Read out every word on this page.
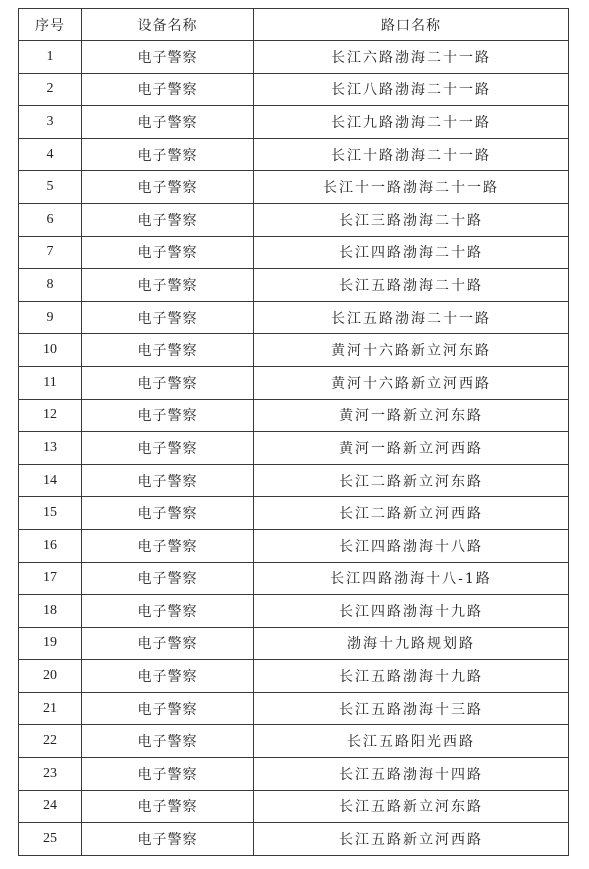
序号	设备名称	路口名称
1	电子警察	长江六路渤海二十一路
2	电子警察	长江八路渤海二十一路
3	电子警察	长江九路渤海二十一路
4	电子警察	长江十路渤海二十一路
5	电子警察	长江十一路渤海二十一路
6	电子警察	长江三路渤海二十路
7	电子警察	长江四路渤海二十路
8	电子警察	长江五路渤海二十路
9	电子警察	长江五路渤海二十一路
10	电子警察	黄河十六路新立河东路
11	电子警察	黄河十六路新立河西路
12	电子警察	黄河一路新立河东路
13	电子警察	黄河一路新立河西路
14	电子警察	长江二路新立河东路
15	电子警察	长江二路新立河西路
16	电子警察	长江四路渤海十八路
17	电子警察	长江四路渤海十八-1路
18	电子警察	长江四路渤海十九路
19	电子警察	渤海十九路规划路
20	电子警察	长江五路渤海十九路
21	电子警察	长江五路渤海十三路
22	电子警察	长江五路阳光西路
23	电子警察	长江五路渤海十四路
24	电子警察	长江五路新立河东路
25	电子警察	长江五路新立河西路
